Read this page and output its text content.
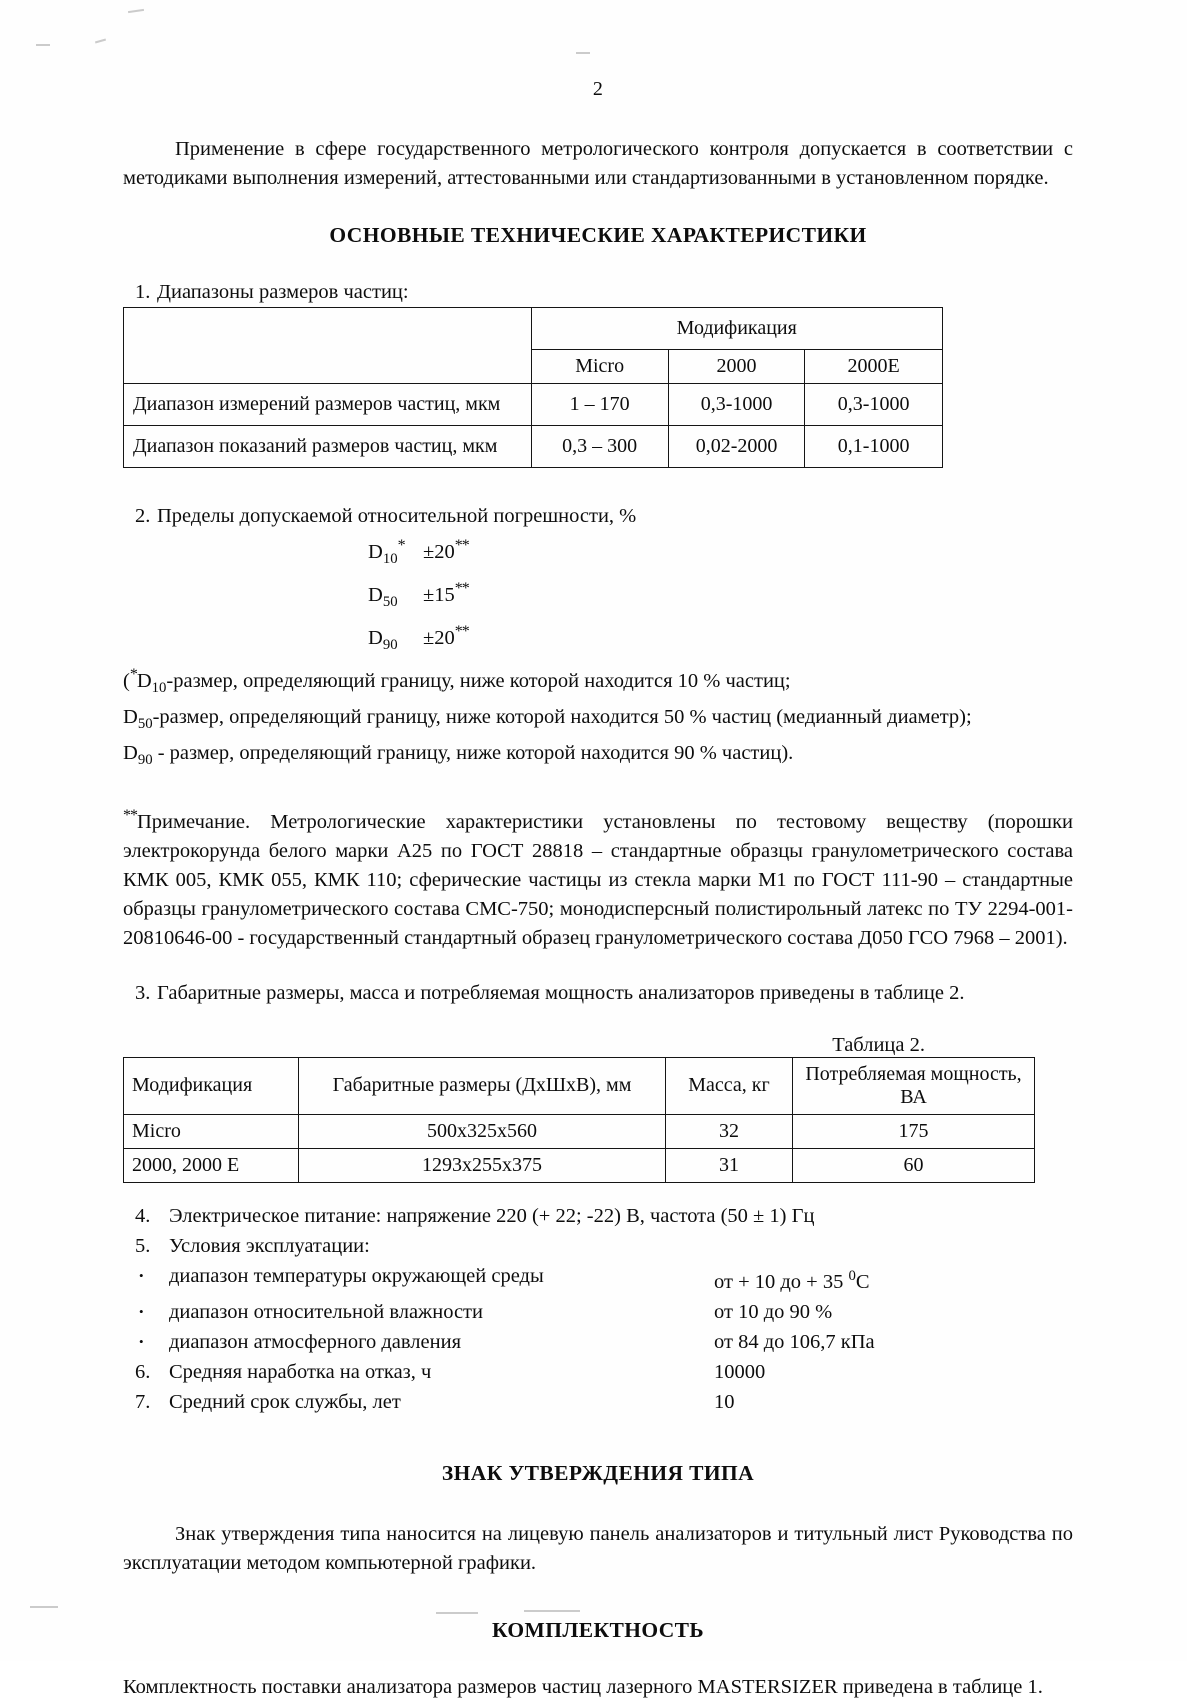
2

Применение в сфере государственного метрологического контроля допускается в соответствии с методиками выполнения измерений, аттестованными или стандартизованными в установленном порядке.

ОСНОВНЫЕ ТЕХНИЧЕСКИЕ ХАРАКТЕРИСТИКИ
1. Диапазоны размеров частиц:
	Модификация		
	Micro	2000	2000E
Диапазон измерений размеров частиц, мкм	1 – 170	0,3-1000	0,3-1000
Диапазон показаний размеров частиц, мкм	0,3 – 300	0,02-2000	0,1-1000
2. Пределы допускаемой относительной погрешности, %
$D_{10}^* \pm 20^{**}$
$D_{50}$	±15**
$D_{90}$	±20**

($^*D_{10}$-размер, определяющий границу, ниже которой находится 10 % частиц;

$D_{50}$-размер, определяющий границу, ниже которой находится 50 % частиц (медианный диаметр);

$D_{90}$ - размер, определяющий границу, ниже которой находится 90 % частиц).

**Примечание. Метрологические характеристики установлены по тестовому веществу (порошки электрокорунда белого марки А25 по ГОСТ 28818 – стандартные образцы гранулометрического состава КМК 005, КМК 055, КМК 110; сферические частицы из стекла марки М1 по ГОСТ 111-90 – стандартные образцы гранулометрического состава СМС-750; монодисперсный полистирольный латекс по ТУ 2294-001-20810646-00 - государственный стандартный образец гранулометрического состава Д050 ГСО 7968 – 2001).

3. Габаритные размеры, масса и потребляемая мощность анализаторов приведены в таблице 2.

Таблица 2.

Модификация	Габаритные размеры (ДхШхВ), мм	Масса, кг	Потребляемая мощность, ВА
Micro	500х325х560	32	175
2000, 2000 Е	1293х255х375	31	60
4. Электрическое питание: напряжение 220 (+ 22; -22) В, частота (50 ± 1) Гц
5. Условия эксплуатации:
•	диапазон температуры окружающей среды	от + 10 до + 35 $^0$С
•	диапазон относительной влажности	от 10 до 90 %
•	диапазон атмосферного давления	от 84 до 106,7 кПа
6. Средняя наработка на отказ, ч	10000
7. Средний срок службы, лет	10
ЗНАК УТВЕРЖДЕНИЯ ТИПА

Знак утверждения типа наносится на лицевую панель анализаторов и титульный лист Руководства по эксплуатации методом компьютерной графики.

КОМПЛЕКТНОСТЬ

Комплектность поставки анализатора размеров частиц лазерного MASTERSIZER приведена в таблице 1.
